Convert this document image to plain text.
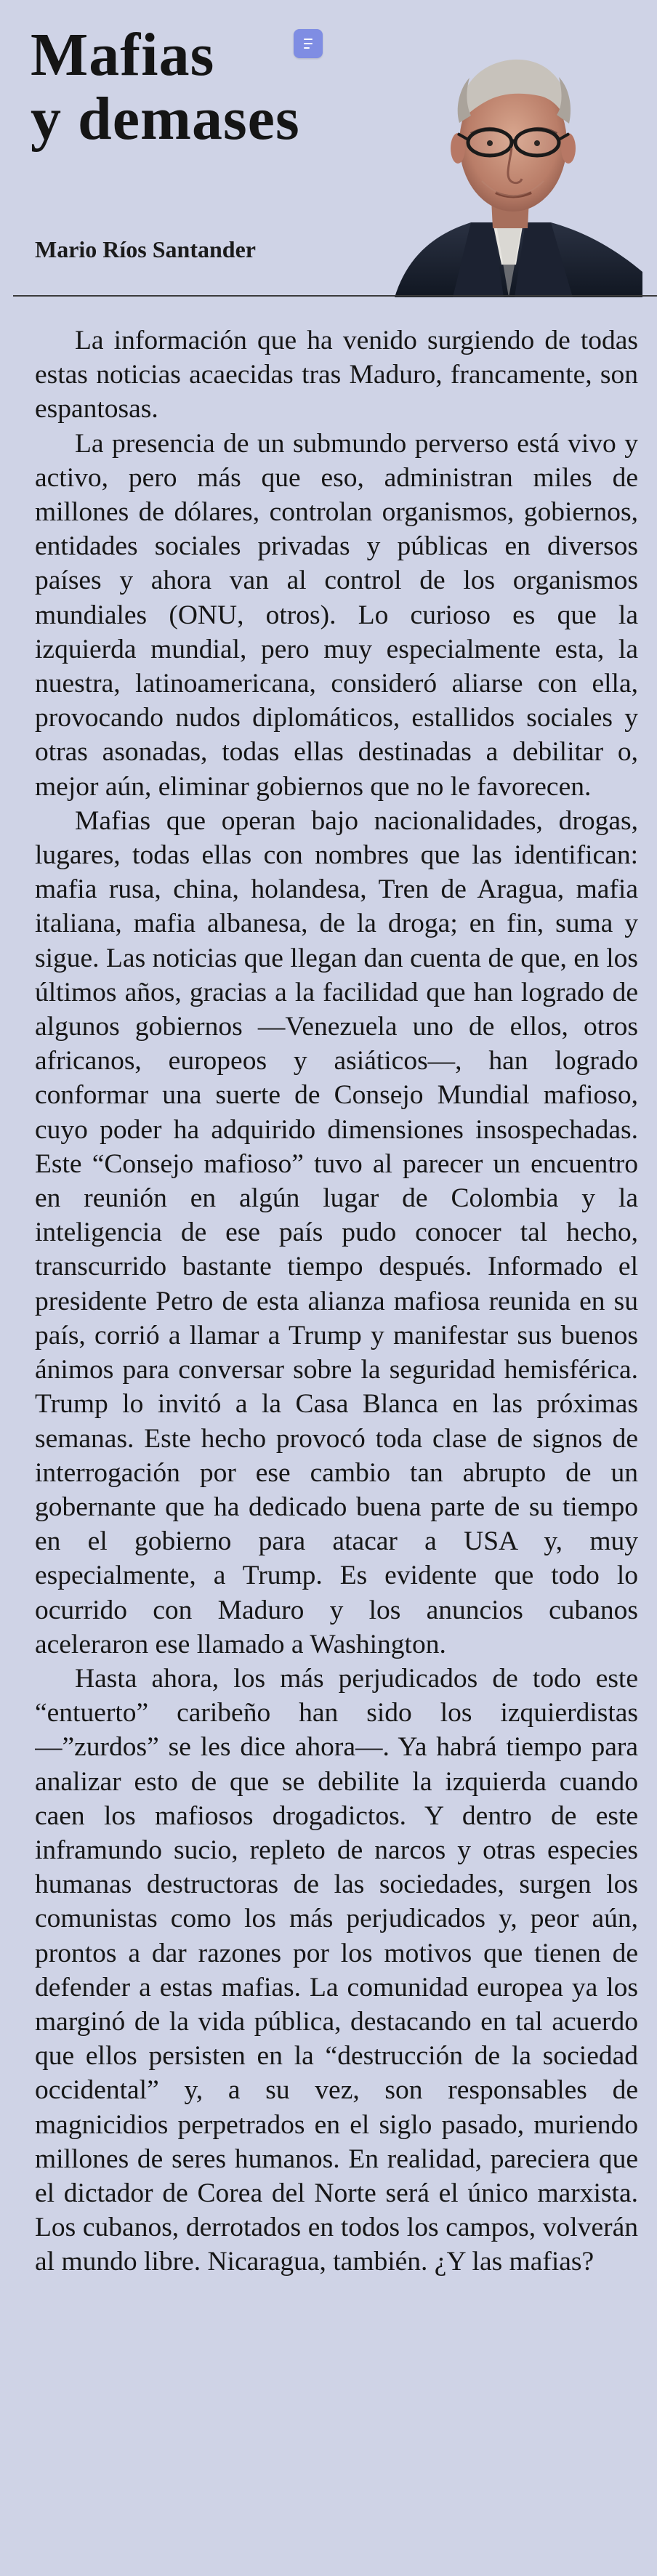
Mafias
y demases
Mario Ríos Santander

La información que ha venido surgiendo de todas estas noticias acaecidas tras Maduro, francamente, son espantosas.

La presencia de un submundo perverso está vivo y activo, pero más que eso, administran miles de millones de dólares, controlan organismos, gobiernos, entidades sociales privadas y públicas en diversos países y ahora van al control de los organismos mundiales (ONU, otros). Lo curioso es que la izquierda mundial, pero muy especialmente esta, la nuestra, latinoamericana, consideró aliarse con ella, provocando nudos diplomáticos, estallidos sociales y otras asonadas, todas ellas destinadas a debilitar o, mejor aún, eliminar gobiernos que no le favorecen.

Mafias que operan bajo nacionalidades, drogas, lugares, todas ellas con nombres que las identifican: mafia rusa, china, holandesa, Tren de Aragua, mafia italiana, mafia albanesa, de la droga; en fin, suma y sigue. Las noticias que llegan dan cuenta de que, en los últimos años, gracias a la facilidad que han logrado de algunos gobiernos —Venezuela uno de ellos, otros africanos, europeos y asiáticos—, han logrado conformar una suerte de Consejo Mundial mafioso, cuyo poder ha adquirido dimensiones insospechadas. Este “Consejo mafioso” tuvo al parecer un encuentro en reunión en algún lugar de Colombia y la inteligencia de ese país pudo conocer tal hecho, transcurrido bastante tiempo después. Informado el presidente Petro de esta alianza mafiosa reunida en su país, corrió a llamar a Trump y manifestar sus buenos ánimos para conversar sobre la seguridad hemisférica. Trump lo invitó a la Casa Blanca en las próximas semanas. Este hecho provocó toda clase de signos de interrogación por ese cambio tan abrupto de un gobernante que ha dedicado buena parte de su tiempo en el gobierno para atacar a USA y, muy especialmente, a Trump. Es evidente que todo lo ocurrido con Maduro y los anuncios cubanos aceleraron ese llamado a Washington.

Hasta ahora, los más perjudicados de todo este “entuerto” caribeño han sido los izquierdistas —”zurdos” se les dice ahora—. Ya habrá tiempo para analizar esto de que se debilite la izquierda cuando caen los mafiosos drogadictos. Y dentro de este inframundo sucio, repleto de narcos y otras especies humanas destructoras de las sociedades, surgen los comunistas como los más perjudicados y, peor aún, prontos a dar razones por los motivos que tienen de defender a estas mafias. La comunidad europea ya los marginó de la vida pública, destacando en tal acuerdo que ellos persisten en la “destrucción de la sociedad occidental” y, a su vez, son responsables de magnicidios perpetrados en el siglo pasado, muriendo millones de seres humanos. En realidad, pareciera que el dictador de Corea del Norte será el único marxista. Los cubanos, derrotados en todos los campos, volverán al mundo libre. Nicaragua, también. ¿Y las mafias?
